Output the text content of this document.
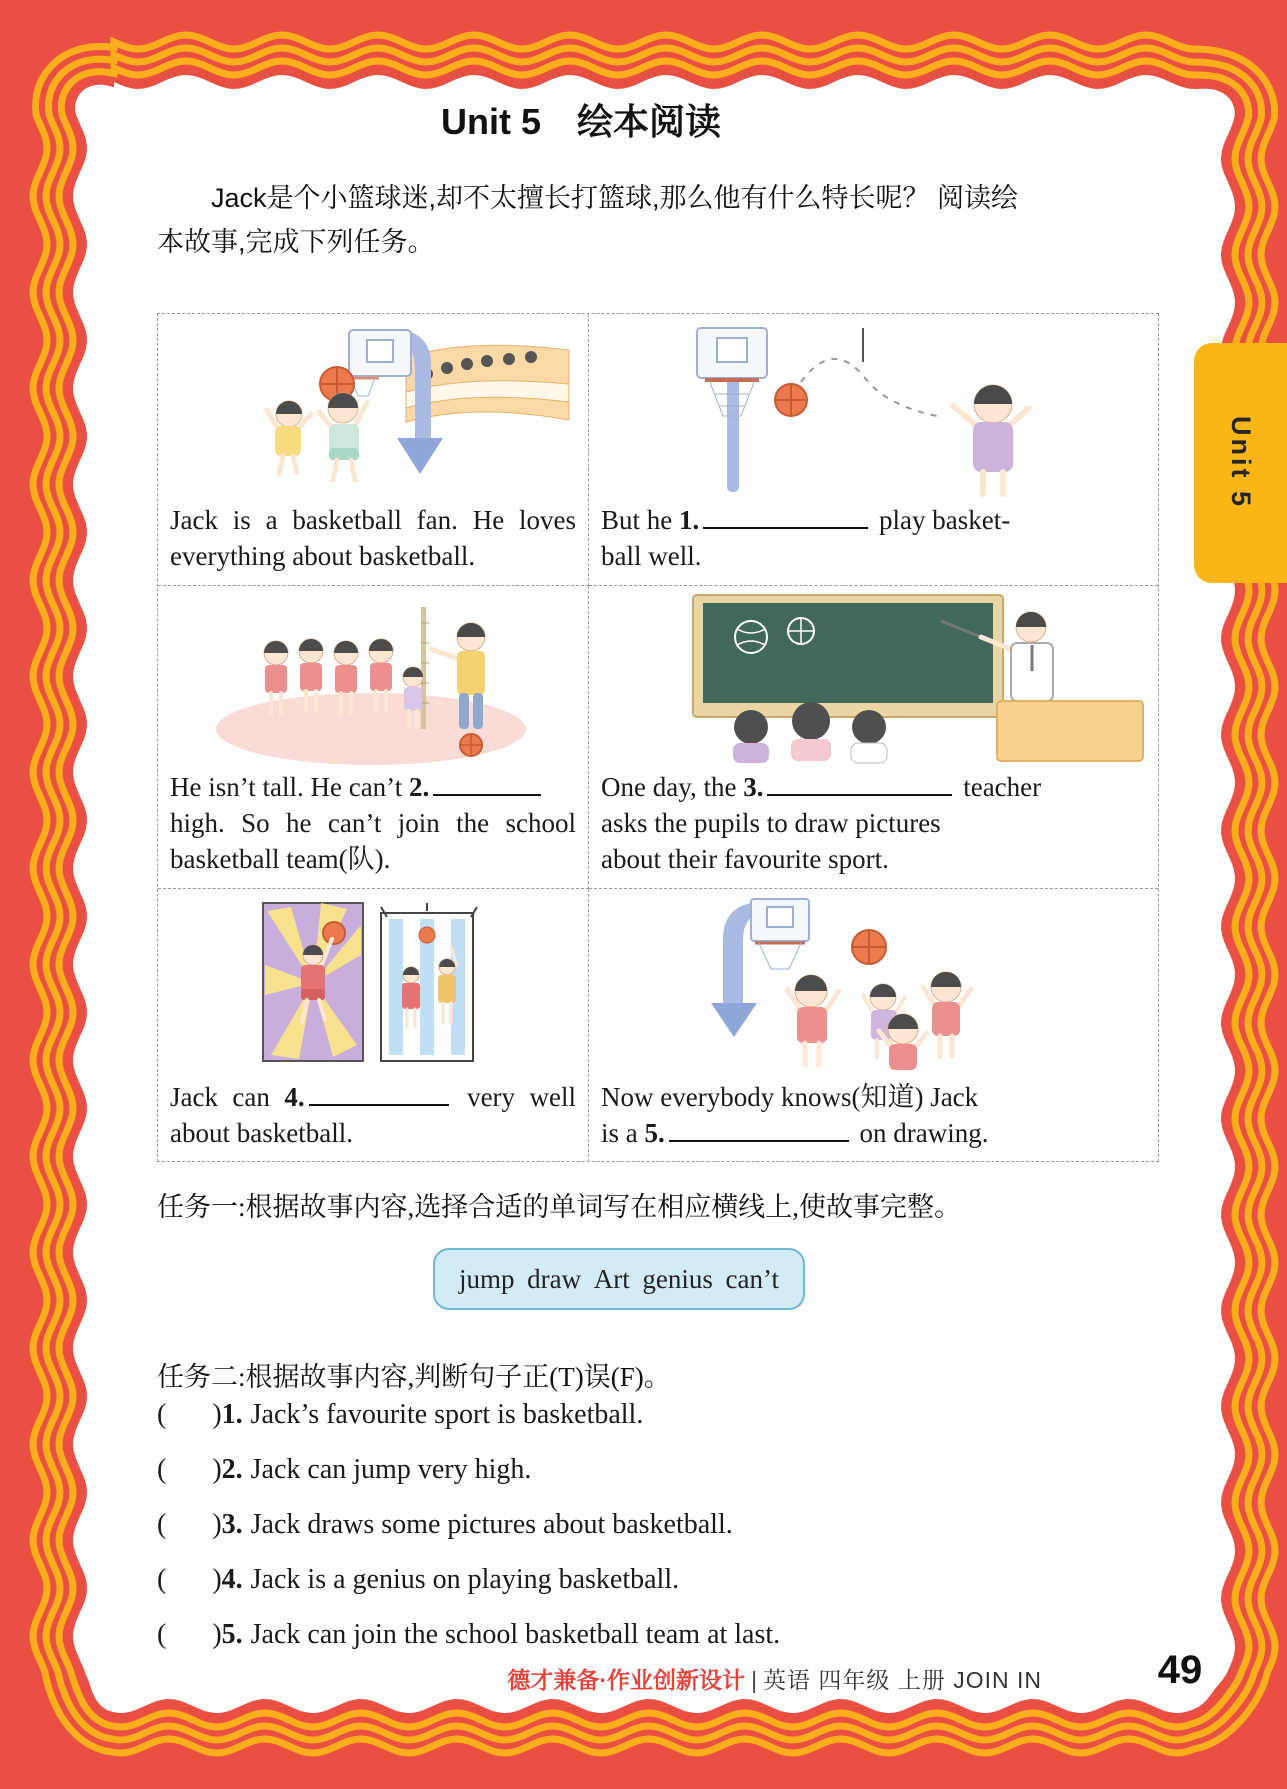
Unit 5
Unit 5　绘本阅读

Jack是个小篮球迷,却不太擅长打篮球,那么他有什么特长呢？ 阅读绘本故事,完成下列任务。

Jack is a basketball fan. He loves everything about basketball.

But he 1.	play basket-
ball well.

He isn’t tall. He can’t 2.
high. So he can’t join the school basketball team(队).

One day, the 3.	teacher
asks the pupils to draw pictures
about their favourite sport.

Jack can 4.	very well about basketball.

Now everybody knows(知道) Jack
is a 5.	on drawing.

任务一:根据故事内容,选择合适的单词写在相应横线上,使故事完整。

jump draw Art genius can’t

任务二:根据故事内容,判断句子正(T)误(F)。

( )1. Jack’s favourite sport is basketball.
( )2. Jack can jump very high.
( )3. Jack draws some pictures about basketball.
( )4. Jack is a genius on playing basketball.
( )5. Jack can join the school basketball team at last.
德才兼备·作业创新设计 | 英语 四年级 上册 JOIN IN	49
